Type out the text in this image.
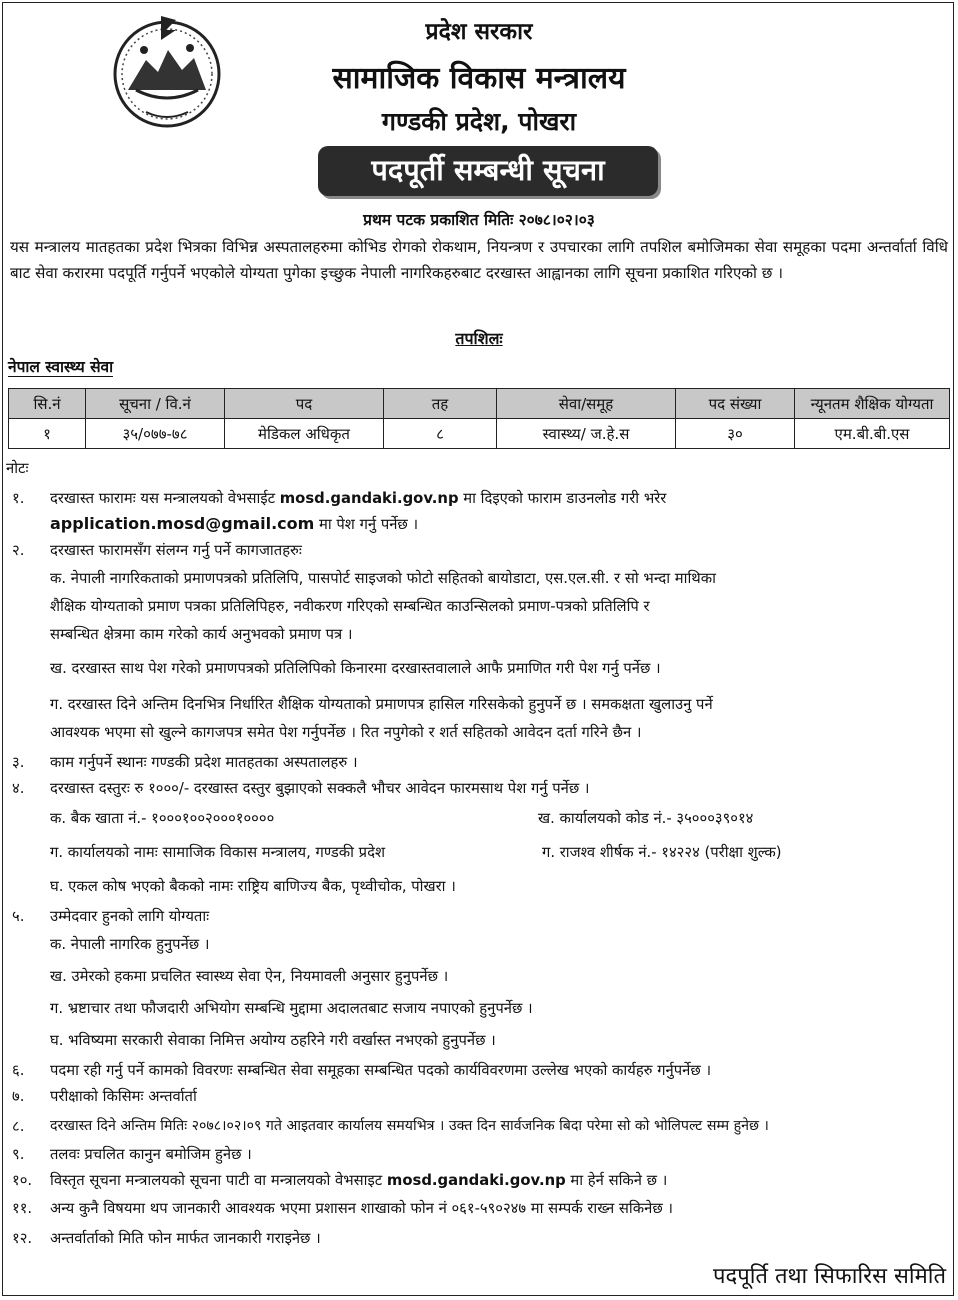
प्रदेश सरकार
सामाजिक विकास मन्त्रालय
गण्डकी प्रदेश, पोखरा
पदपूर्ती सम्बन्धी सूचना
प्रथम पटक प्रकाशित मितिः २०७८।०२।०३
यस मन्त्रालय मातहतका प्रदेश भित्रका विभिन्न अस्पतालहरुमा कोभिड रोगको रोकथाम, नियन्त्रण र उपचारका लागि तपशिल बमोजिमका सेवा समूहका पदमा अन्तर्वार्ता विधि बाट सेवा करारमा पदपूर्ति गर्नुपर्ने भएकोले योग्यता पुगेका इच्छुक नेपाली नागरिकहरुबाट दरखास्त आह्वानका लागि सूचना प्रकाशित गरिएको छ ।
तपशिलः
नेपाल स्वास्थ्य सेवा
सि.नं	सूचना / वि.नं	पद	तह	सेवा/समूह	पद संख्या	न्यूनतम शैक्षिक योग्यता
१	३५/०७७-७८	मेडिकल अधिकृत	८	स्वास्थ्य/ ज.हे.स	३०	एम.बी.बी.एस
नोटः
१. दरखास्त फारामः यस मन्त्रालयको वेभसाईट mosd.gandaki.gov.np मा दिइएको फाराम डाउनलोड गरी भरेर
application.mosd@gmail.com मा पेश गर्नु पर्नेछ ।
२. दरखास्त फारामसँग संलग्न गर्नु पर्ने कागजातहरुः
क. नेपाली नागरिकताको प्रमाणपत्रको प्रतिलिपि, पासपोर्ट साइजको फोटो सहितको बायोडाटा, एस.एल.सी. र सो भन्दा माथिका
शैक्षिक योग्यताको प्रमाण पत्रका प्रतिलिपिहरु, नवीकरण गरिएको सम्बन्धित काउन्सिलको प्रमाण-पत्रको प्रतिलिपि र
सम्बन्धित क्षेत्रमा काम गरेको कार्य अनुभवको प्रमाण पत्र ।
ख. दरखास्त साथ पेश गरेको प्रमाणपत्रको प्रतिलिपिको किनारमा दरखास्तवालाले आफै प्रमाणित गरी पेश गर्नु पर्नेछ ।
ग. दरखास्त दिने अन्तिम दिनभित्र निर्धारित शैक्षिक योग्यताको प्रमाणपत्र हासिल गरिसकेको हुनुपर्ने छ । समकक्षता खुलाउनु पर्ने
आवश्यक भएमा सो खुल्ने कागजपत्र समेत पेश गर्नुपर्नेछ । रित नपुगेको र शर्त सहितको आवेदन दर्ता गरिने छैन ।
३. काम गर्नुपर्ने स्थानः गण्डकी प्रदेश मातहतका अस्पतालहरु ।
४. दरखास्त दस्तुरः रु १०००/- दरखास्त दस्तुर बुझाएको सक्कलै भौचर आवेदन फारमसाथ पेश गर्नु पर्नेछ ।
क. बैक खाता नं.- १०००१००२०००१००००	ख. कार्यालयको कोड नं.- ३५०००३९०१४
ग. कार्यालयको नामः सामाजिक विकास मन्त्रालय, गण्डकी प्रदेश	ग. राजश्व शीर्षक नं.- १४२२४ (परीक्षा शुल्क)
घ. एकल कोष भएको बैकको नामः राष्ट्रिय बाणिज्य बैक, पृथ्वीचोक, पोखरा ।
५. उम्मेदवार हुनको लागि योग्यताः
क. नेपाली नागरिक हुनुपर्नेछ ।
ख. उमेरको हकमा प्रचलित स्वास्थ्य सेवा ऐन, नियमावली अनुसार हुनुपर्नेछ ।
ग. भ्रष्टाचार तथा फौजदारी अभियोग सम्बन्धि मुद्दामा अदालतबाट सजाय नपाएको हुनुपर्नेछ ।
घ. भविष्यमा सरकारी सेवाका निमित्त अयोग्य ठहरिने गरी वर्खास्त नभएको हुनुपर्नेछ ।
६. पदमा रही गर्नु पर्ने कामको विवरणः सम्बन्धित सेवा समूहका सम्बन्धित पदको कार्यविवरणमा उल्लेख भएको कार्यहरु गर्नुपर्नेछ ।
७. परीक्षाको किसिमः अन्तर्वार्ता
८. दरखास्त दिने अन्तिम मितिः २०७८।०२।०९ गते आइतवार कार्यालय समयभित्र । उक्त दिन सार्वजनिक बिदा परेमा सो को भोलिपल्ट सम्म हुनेछ ।
९. तलवः प्रचलित कानुन बमोजिम हुनेछ ।
१०. विस्तृत सूचना मन्त्रालयको सूचना पाटी वा मन्त्रालयको वेभसाइट mosd.gandaki.gov.np मा हेर्न सकिने छ ।
११. अन्य कुनै विषयमा थप जानकारी आवश्यक भएमा प्रशासन शाखाको फोन नं ०६१-५९०२४७ मा सम्पर्क राख्न सकिनेछ ।
१२. अन्तर्वार्ताको मिति फोन मार्फत जानकारी गराइनेछ ।
पदपूर्ति तथा सिफारिस समिति
